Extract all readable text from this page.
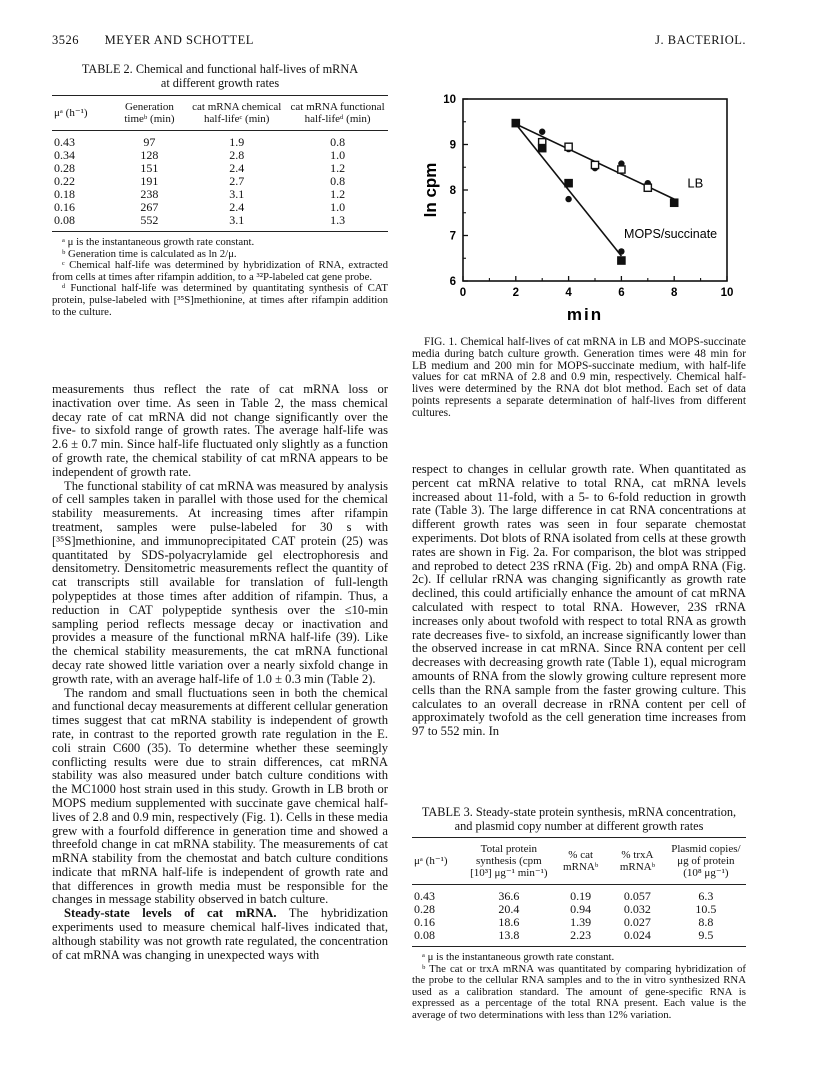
3526 MEYER AND SCHOTTEL	J. BACTERIOL.
TABLE 2. Chemical and functional half-lives of mRNA at different growth rates
μᵃ (h⁻¹)	Generation timeᵇ (min)	cat mRNA chemical half-lifeᶜ (min)	cat mRNA functional half-lifeᵈ (min)
0.43	97	1.9	0.8
0.34	128	2.8	1.0
0.28	151	2.4	1.2
0.22	191	2.7	0.8
0.18	238	3.1	1.2
0.16	267	2.4	1.0
0.08	552	3.1	1.3
ᵃ μ is the instantaneous growth rate constant.
ᵇ Generation time is calculated as ln 2/μ.
ᶜ Chemical half-life was determined by hybridization of RNA, extracted from cells at times after rifampin addition, to a ³²P-labeled cat gene probe.
ᵈ Functional half-life was determined by quantitating synthesis of CAT protein, pulse-labeled with [³⁵S]methionine, at times after rifampin addition to the culture.

measurements thus reflect the rate of cat mRNA loss or inactivation over time. As seen in Table 2, the mass chemical decay rate of cat mRNA did not change significantly over the five- to sixfold range of growth rates. The average half-life was 2.6 ± 0.7 min. Since half-life fluctuated only slightly as a function of growth rate, the chemical stability of cat mRNA appears to be independent of growth rate.

The functional stability of cat mRNA was measured by analysis of cell samples taken in parallel with those used for the chemical stability measurements. At increasing times after rifampin treatment, samples were pulse-labeled for 30 s with [³⁵S]methionine, and immunoprecipitated CAT protein (25) was quantitated by SDS-polyacrylamide gel electrophoresis and densitometry. Densitometric measurements reflect the quantity of cat transcripts still available for translation of full-length polypeptides at those times after addition of rifampin. Thus, a reduction in CAT polypeptide synthesis over the ≤10-min sampling period reflects message decay or inactivation and provides a measure of the functional mRNA half-life (39). Like the chemical stability measurements, the cat mRNA functional decay rate showed little variation over a nearly sixfold change in growth rate, with an average half-life of 1.0 ± 0.3 min (Table 2).

The random and small fluctuations seen in both the chemical and functional decay measurements at different cellular generation times suggest that cat mRNA stability is independent of growth rate, in contrast to the reported growth rate regulation in the E. coli strain C600 (35). To determine whether these seemingly conflicting results were due to strain differences, cat mRNA stability was also measured under batch culture conditions with the MC1000 host strain used in this study. Growth in LB broth or MOPS medium supplemented with succinate gave chemical half-lives of 2.8 and 0.9 min, respectively (Fig. 1). Cells in these media grew with a fourfold difference in generation time and showed a threefold change in cat mRNA stability. The measurements of cat mRNA stability from the chemostat and batch culture conditions indicate that mRNA half-life is independent of growth rate and that differences in growth media must be responsible for the changes in message stability observed in batch culture.

Steady-state levels of cat mRNA. The hybridization experiments used to measure chemical half-lives indicated that, although stability was not growth rate regulated, the concentration of cat mRNA was changing in unexpected ways with

0	2	4	6	8	10
6
7
8
9
10
min
ln cpm	LB
MOPS/succinate
FIG. 1. Chemical half-lives of cat mRNA in LB and MOPS-succinate media during batch culture growth. Generation times were 48 min for LB medium and 200 min for MOPS-succinate medium, with half-life values for cat mRNA of 2.8 and 0.9 min, respectively. Chemical half-lives were determined by the RNA dot blot method. Each set of data points represents a separate determination of half-lives from different cultures.

respect to changes in cellular growth rate. When quantitated as percent cat mRNA relative to total RNA, cat mRNA levels increased about 11-fold, with a 5- to 6-fold reduction in growth rate (Table 3). The large difference in cat RNA concentrations at different growth rates was seen in four separate chemostat experiments. Dot blots of RNA isolated from cells at these growth rates are shown in Fig. 2a. For comparison, the blot was stripped and reprobed to detect 23S rRNA (Fig. 2b) and ompA RNA (Fig. 2c). If cellular rRNA was changing significantly as growth rate declined, this could artificially enhance the amount of cat mRNA calculated with respect to total RNA. However, 23S rRNA increases only about twofold with respect to total RNA as growth rate decreases five- to sixfold, an increase significantly lower than the observed increase in cat mRNA. Since RNA content per cell decreases with decreasing growth rate (Table 1), equal microgram amounts of RNA from the slowly growing culture represent more cells than the RNA sample from the faster growing culture. This calculates to an overall decrease in rRNA content per cell of approximately twofold as the cell generation time increases from 97 to 552 min. In

TABLE 3. Steady-state protein synthesis, mRNA concentration, and plasmid copy number at different growth rates
μᵃ (h⁻¹)	Total protein synthesis (cpm [10³] μg⁻¹ min⁻¹)	% cat mRNAᵇ	% trxA mRNAᵇ	Plasmid copies/ μg of protein (10⁸ μg⁻¹)
0.43	36.6	0.19	0.057	6.3
0.28	20.4	0.94	0.032	10.5
0.16	18.6	1.39	0.027	8.8
0.08	13.8	2.23	0.024	9.5
ᵃ μ is the instantaneous growth rate constant.
ᵇ The cat or trxA mRNA was quantitated by comparing hybridization of the probe to the cellular RNA samples and to the in vitro synthesized RNA used as a calibration standard. The amount of gene-specific RNA is expressed as a percentage of the total RNA present. Each value is the average of two determinations with less than 12% variation.
